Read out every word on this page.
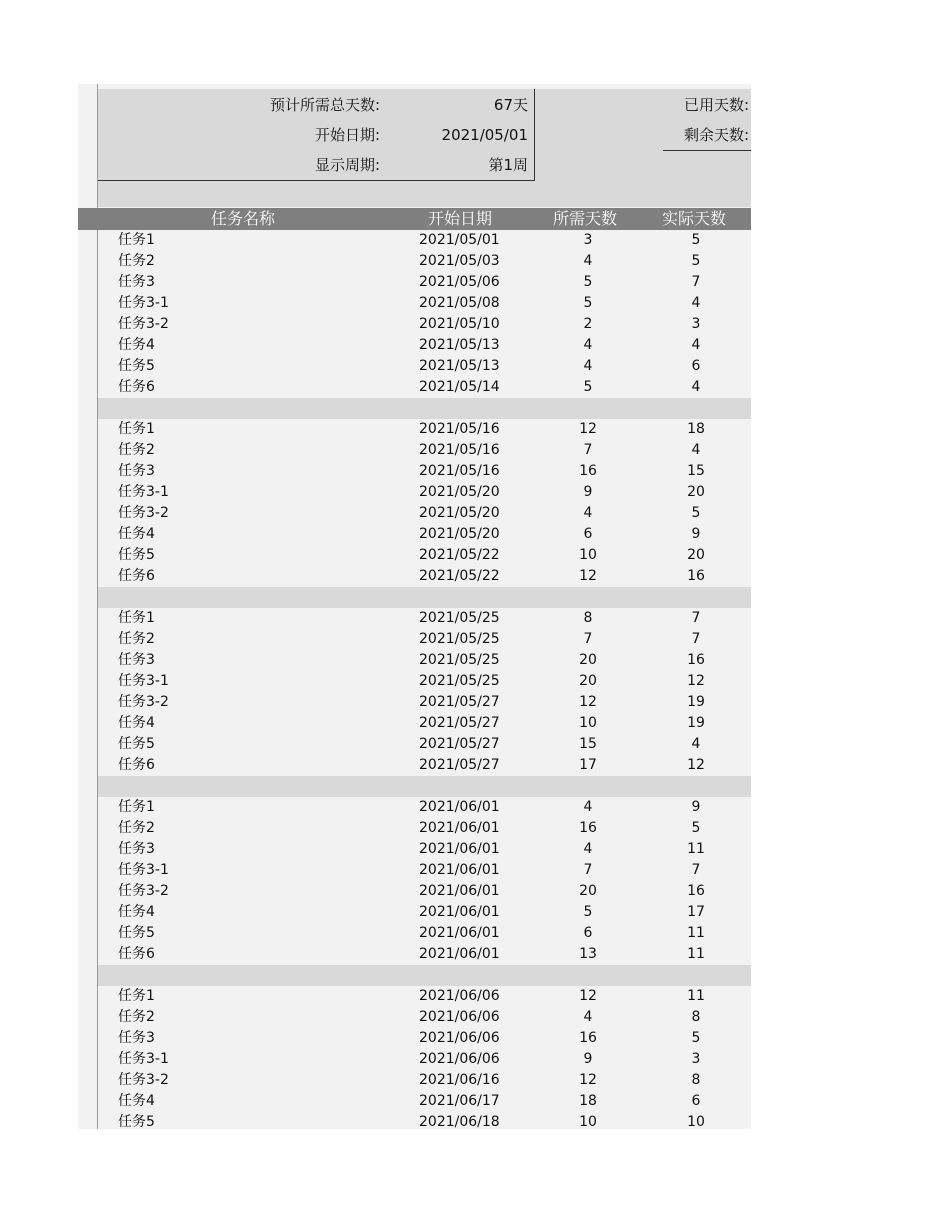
预计所需总天数:	67天
开始日期:	2021/05/01
显示周期:	第1周
已用天数:
剩余天数:
任务名称	开始日期	所需天数	实际天数
任务1	2021/05/01	3	5
任务2	2021/05/03	4	5
任务3	2021/05/06	5	7
任务3-1	2021/05/08	5	4
任务3-2	2021/05/10	2	3
任务4	2021/05/13	4	4
任务5	2021/05/13	4	6
任务6	2021/05/14	5	4
任务1	2021/05/16	12	18
任务2	2021/05/16	7	4
任务3	2021/05/16	16	15
任务3-1	2021/05/20	9	20
任务3-2	2021/05/20	4	5
任务4	2021/05/20	6	9
任务5	2021/05/22	10	20
任务6	2021/05/22	12	16
任务1	2021/05/25	8	7
任务2	2021/05/25	7	7
任务3	2021/05/25	20	16
任务3-1	2021/05/25	20	12
任务3-2	2021/05/27	12	19
任务4	2021/05/27	10	19
任务5	2021/05/27	15	4
任务6	2021/05/27	17	12
任务1	2021/06/01	4	9
任务2	2021/06/01	16	5
任务3	2021/06/01	4	11
任务3-1	2021/06/01	7	7
任务3-2	2021/06/01	20	16
任务4	2021/06/01	5	17
任务5	2021/06/01	6	11
任务6	2021/06/01	13	11
任务1	2021/06/06	12	11
任务2	2021/06/06	4	8
任务3	2021/06/06	16	5
任务3-1	2021/06/06	9	3
任务3-2	2021/06/16	12	8
任务4	2021/06/17	18	6
任务5	2021/06/18	10	10
